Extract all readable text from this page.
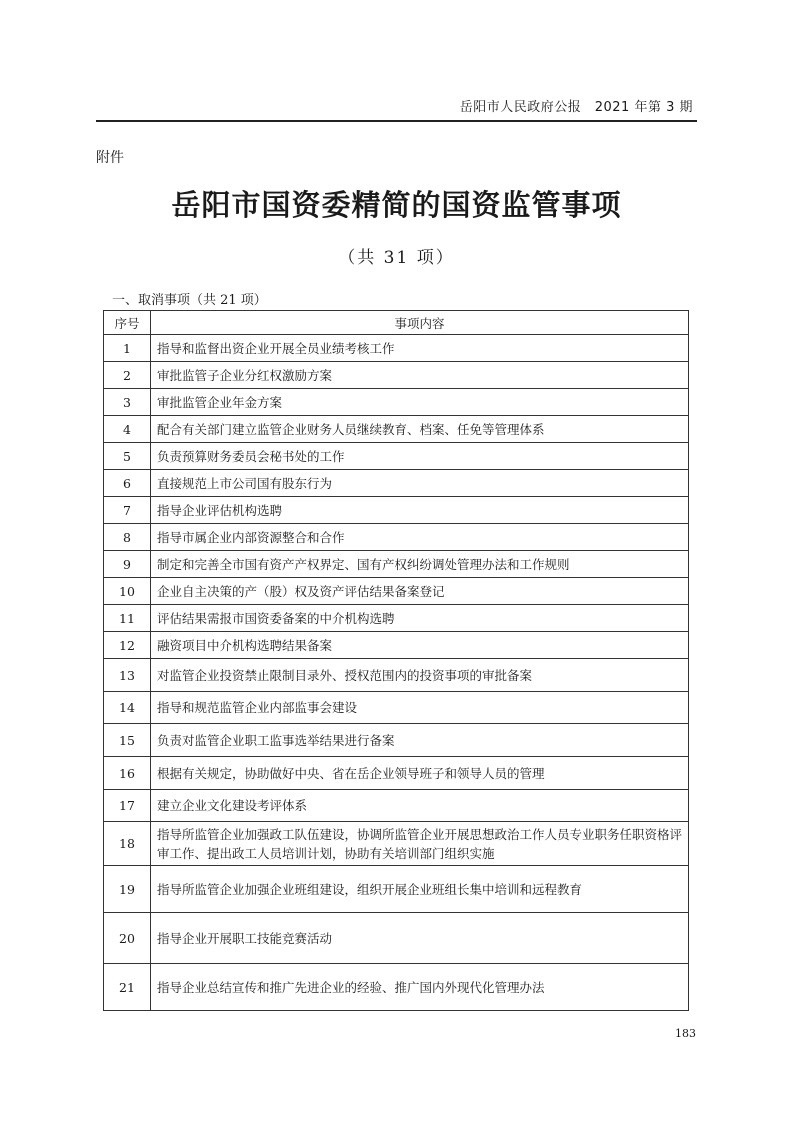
岳阳市人民政府公报　2021 年第 3 期
附件
岳阳市国资委精简的国资监管事项
（共 31 项）
一、取消事项（共 21 项）
序号	事项内容
1	指导和监督出资企业开展全员业绩考核工作
2	审批监管子企业分红权激励方案
3	审批监管企业年金方案
4	配合有关部门建立监管企业财务人员继续教育、档案、任免等管理体系
5	负责预算财务委员会秘书处的工作
6	直接规范上市公司国有股东行为
7	指导企业评估机构选聘
8	指导市属企业内部资源整合和合作
9	制定和完善全市国有资产产权界定、国有产权纠纷调处管理办法和工作规则
10	企业自主决策的产（股）权及资产评估结果备案登记
11	评估结果需报市国资委备案的中介机构选聘
12	融资项目中介机构选聘结果备案
13	对监管企业投资禁止限制目录外、授权范围内的投资事项的审批备案
14	指导和规范监管企业内部监事会建设
15	负责对监管企业职工监事选举结果进行备案
16	根据有关规定，协助做好中央、省在岳企业领导班子和领导人员的管理
17	建立企业文化建设考评体系
18	指导所监管企业加强政工队伍建设，协调所监管企业开展思想政治工作人员专业职务任职资格评审工作、提出政工人员培训计划，协助有关培训部门组织实施
19	指导所监管企业加强企业班组建设，组织开展企业班组长集中培训和远程教育
20	指导企业开展职工技能竞赛活动
21	指导企业总结宣传和推广先进企业的经验、推广国内外现代化管理办法
183
